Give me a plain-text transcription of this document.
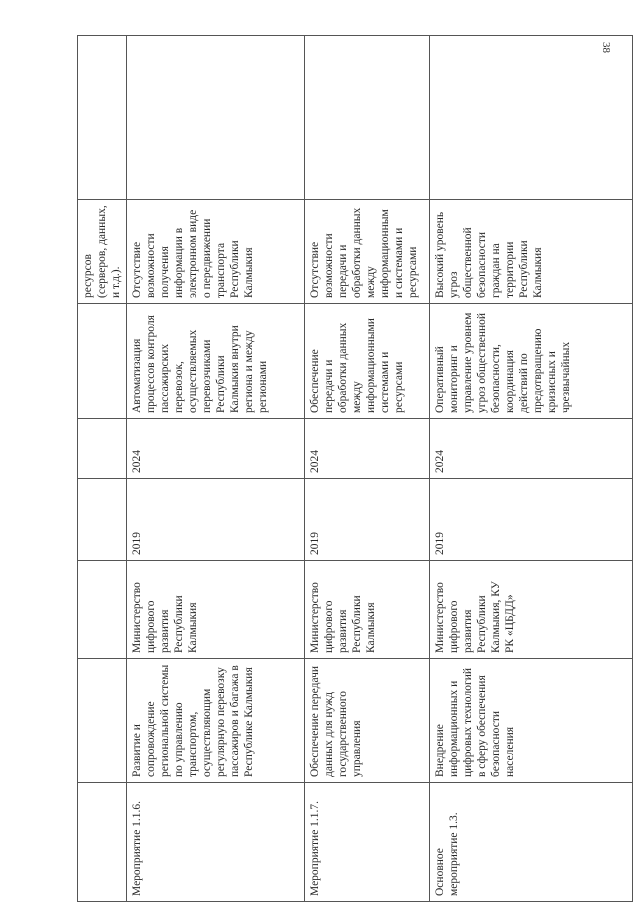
38
						ресурсов (серверов, данных, и т.д.).	
Мероприятие 1.1.6.	Развитие и сопровождение региональной системы по управлению транспортом, осуществляющим регулярную перевозку пассажиров и багажа в Республике Калмыкия	Министерство цифрового развития Республики Калмыкия	2019	2024	Автоматизация процессов контроля пассажирских перевозок, осуществляемых перевозчиками Республики Калмыкия внутри региона и между регионами	Отсутствие возможности получения информации в электронном виде о передвижении транспорта Республики Калмыкия	
Мероприятие 1.1.7.	Обеспечение передачи данных для нужд государственного управления	Министерство цифрового развития Республики Калмыкия	2019	2024	Обеспечение передачи и обработки данных между информационными системами и ресурсами	Отсутствие возможности передачи и обработки данных между информационными системами и ресурсами	
Основное мероприятие 1.3.	Внедрение информационных и цифровых технологий в сферу обеспечения безопасности населения	Министерство цифрового развития Республики Калмыкия, КУ РК «ЦБДД»	2019	2024	Оперативный мониторинг и управление уровнем угроз общественной безопасности, координация действий по предотвращению кризисных и чрезвычайных	Высокий уровень угроз общественной безопасности граждан на территории Республики Калмыкия	
